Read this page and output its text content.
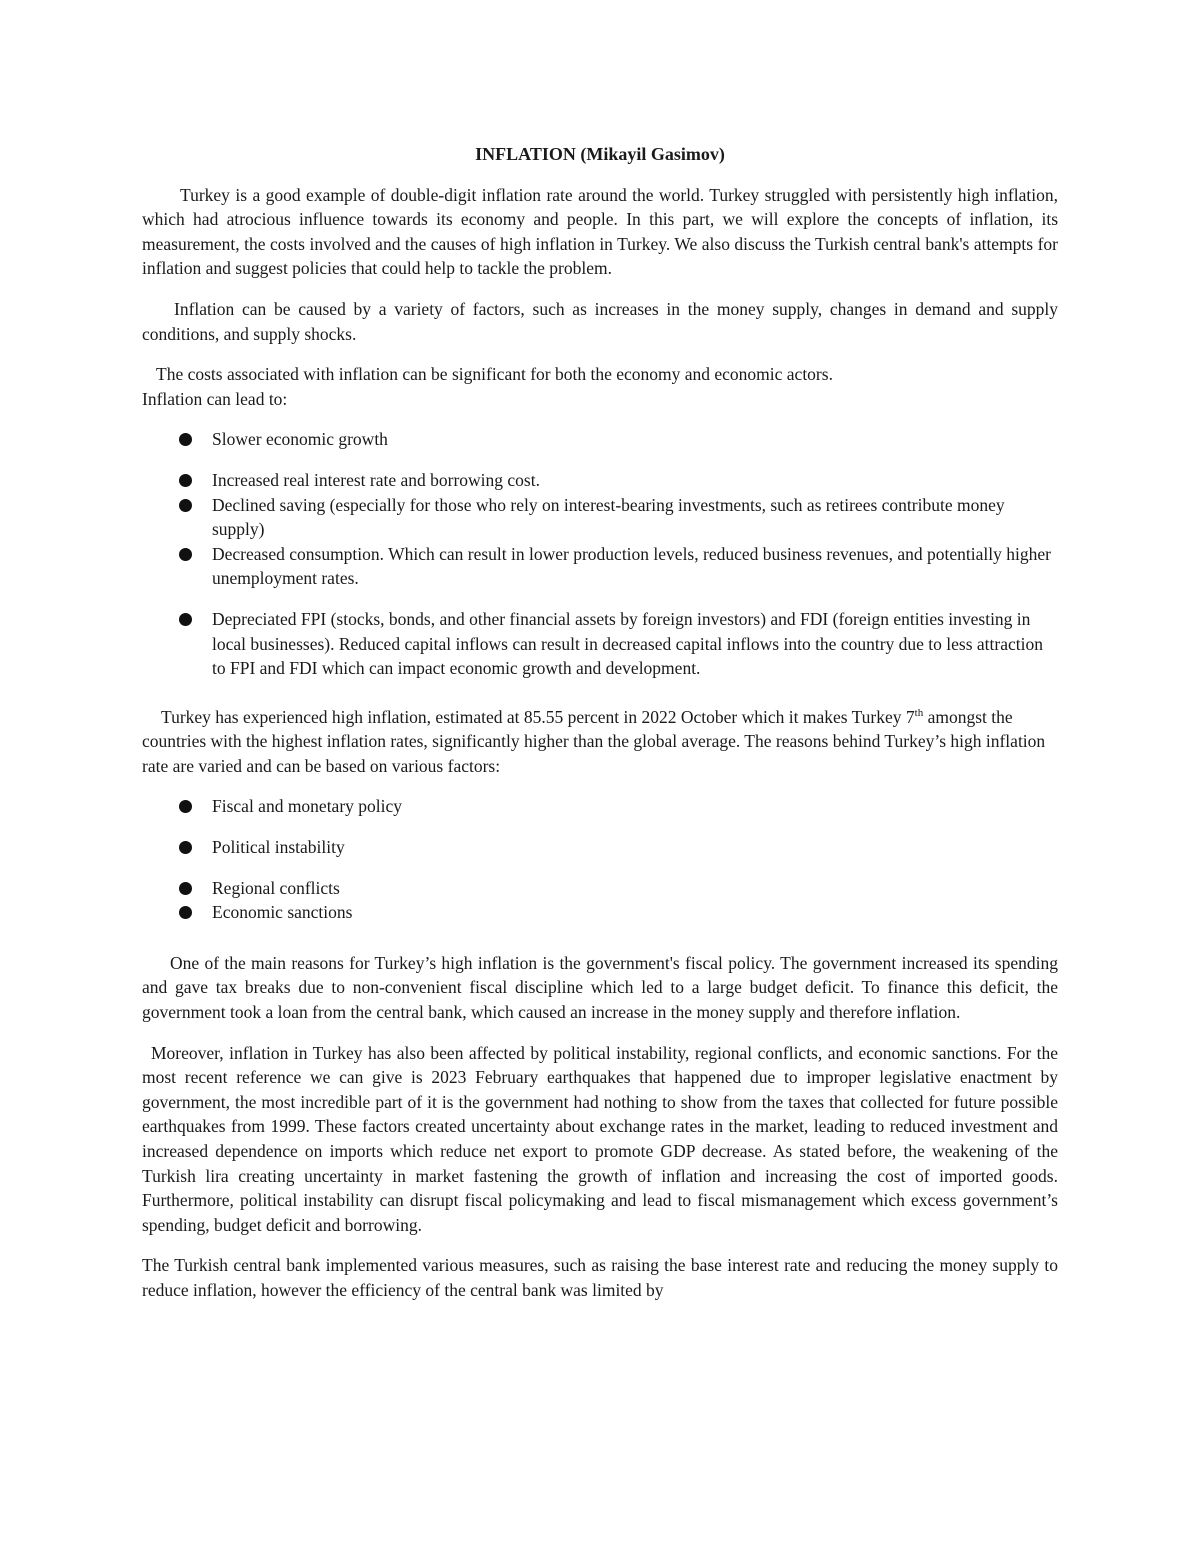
INFLATION (Mikayil Gasimov)

Turkey is a good example of double-digit inflation rate around the world. Turkey struggled with persistently high inflation, which had atrocious influence towards its economy and people. In this part, we will explore the concepts of inflation, its measurement, the costs involved and the causes of high inflation in Turkey. We also discuss the Turkish central bank's attempts for inflation and suggest policies that could help to tackle the problem.

Inflation can be caused by a variety of factors, such as increases in the money supply, changes in demand and supply conditions, and supply shocks.

The costs associated with inflation can be significant for both the economy and economic actors.
Inflation can lead to:

Slower economic growth
Increased real interest rate and borrowing cost.
Declined saving (especially for those who rely on interest-bearing investments, such as retirees contribute money supply)
Decreased consumption. Which can result in lower production levels, reduced business revenues, and potentially higher unemployment rates.
Depreciated FPI (stocks, bonds, and other financial assets by foreign investors) and FDI (foreign entities investing in local businesses). Reduced capital inflows can result in decreased capital inflows into the country due to less attraction to FPI and FDI which can impact economic growth and development.

Turkey has experienced high inflation, estimated at 85.55 percent in 2022 October which it makes Turkey 7th amongst the countries with the highest inflation rates, significantly higher than the global average. The reasons behind Turkey’s high inflation rate are varied and can be based on various factors:

Fiscal and monetary policy
Political instability
Regional conflicts
Economic sanctions

One of the main reasons for Turkey’s high inflation is the government's fiscal policy. The government increased its spending and gave tax breaks due to non-convenient fiscal discipline which led to a large budget deficit. To finance this deficit, the government took a loan from the central bank, which caused an increase in the money supply and therefore inflation.

Moreover, inflation in Turkey has also been affected by political instability, regional conflicts, and economic sanctions. For the most recent reference we can give is 2023 February earthquakes that happened due to improper legislative enactment by government, the most incredible part of it is the government had nothing to show from the taxes that collected for future possible earthquakes from 1999. These factors created uncertainty about exchange rates in the market, leading to reduced investment and increased dependence on imports which reduce net export to promote GDP decrease. As stated before, the weakening of the Turkish lira creating uncertainty in market fastening the growth of inflation and increasing the cost of imported goods. Furthermore, political instability can disrupt fiscal policymaking and lead to fiscal mismanagement which excess government’s spending, budget deficit and borrowing.

The Turkish central bank implemented various measures, such as raising the base interest rate and reducing the money supply to reduce inflation, however the efficiency of the central bank was limited by
